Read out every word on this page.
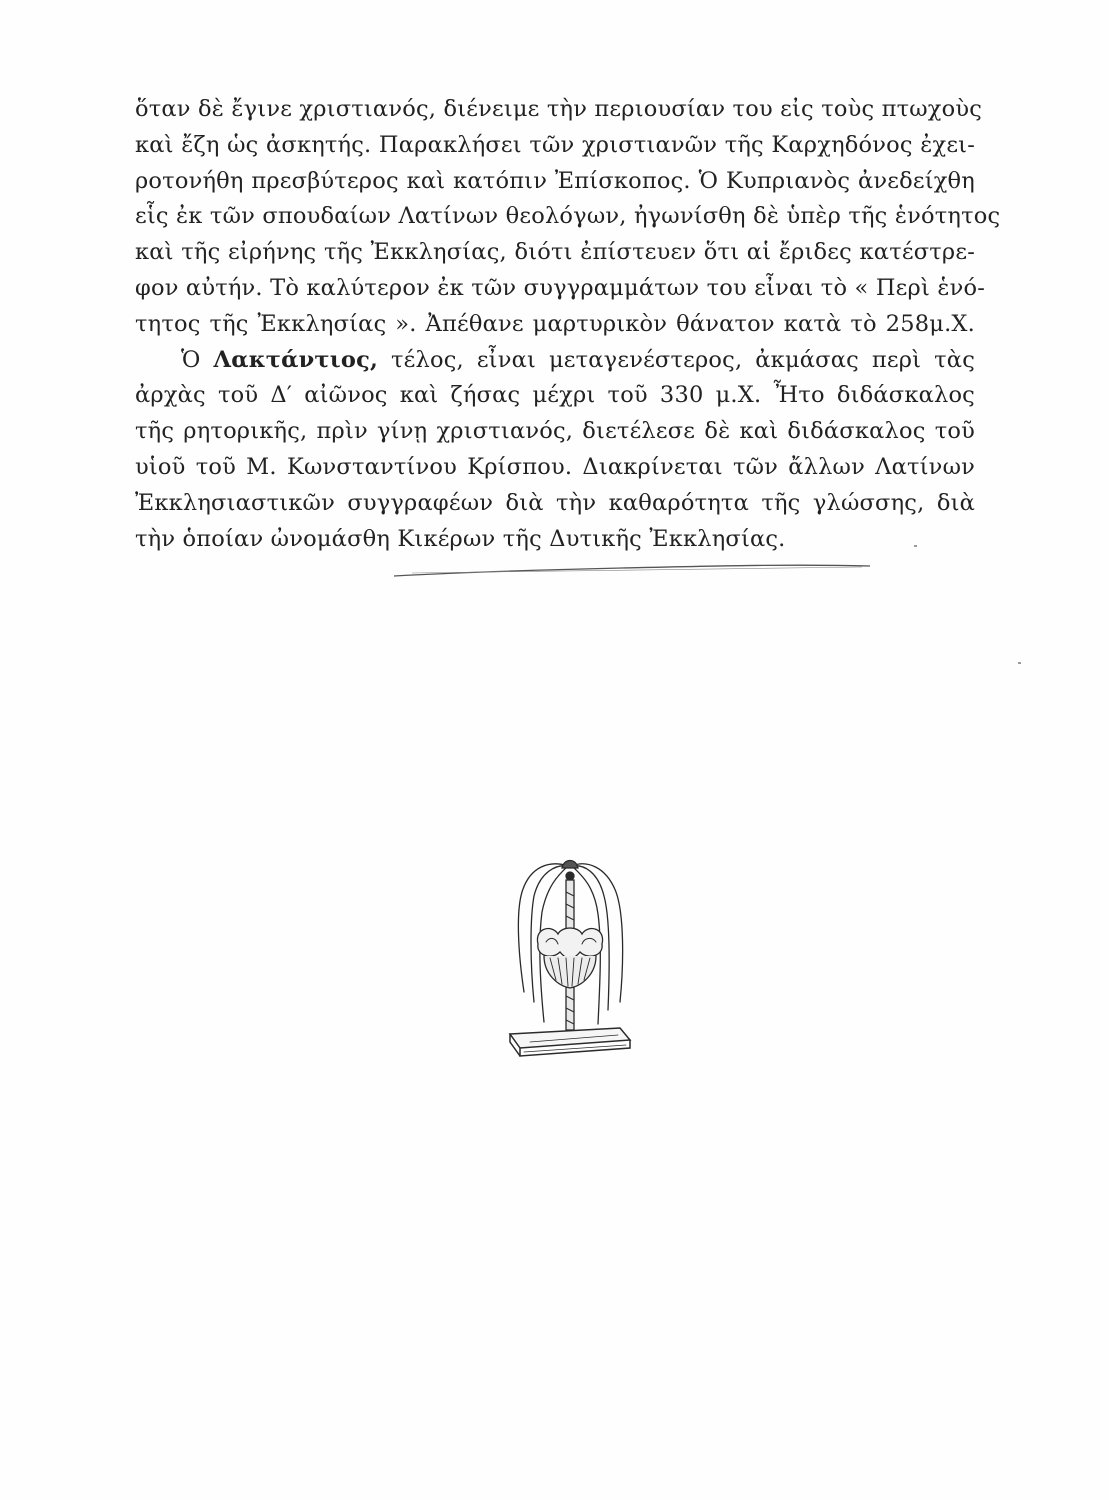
ὅταν δὲ ἔγινε χριστιανός, διένειμε τὴν περιουσίαν του εἰς τοὺς πτωχοὺς
καὶ ἔζη ὡς ἀσκητής. Παρακλήσει τῶν χριστιανῶν τῆς Καρχηδόνος ἐχει-
ροτονήθη πρεσβύτερος καὶ κατόπιν Ἐπίσκοπος. Ὁ Κυπριανὸς ἀνεδείχθη
εἷς ἐκ τῶν σπουδαίων Λατίνων θεολόγων, ἠγωνίσθη δὲ ὑπὲρ τῆς ἑνότητος
καὶ τῆς εἰρήνης τῆς Ἐκκλησίας, διότι ἐπίστευεν ὅτι αἱ ἔριδες κατέστρε-
φον αὐτήν. Τὸ καλύτερον ἐκ τῶν συγγραμμάτων του εἶναι τὸ « Περὶ ἑνό-
τητος τῆς Ἐκκλησίας ». Ἀπέθανε μαρτυρικὸν θάνατον κατὰ τὸ 258μ.Χ.
Ὁ Λακτάντιος, τέλος, εἶναι μεταγενέστερος, ἀκμάσας περὶ τὰς
ἀρχὰς τοῦ Δ′ αἰῶνος καὶ ζήσας μέχρι τοῦ 330 μ.Χ. Ἦτο διδάσκαλος
τῆς ρητορικῆς, πρὶν γίνῃ χριστιανός, διετέλεσε δὲ καὶ διδάσκαλος τοῦ
υἱοῦ τοῦ Μ. Κωνσταντίνου Κρίσπου. Διακρίνεται τῶν ἄλλων Λατίνων
Ἐκκλησιαστικῶν συγγραφέων διὰ τὴν καθαρότητα τῆς γλώσσης, διὰ
τὴν ὁποίαν ὠνομάσθη Κικέρων τῆς Δυτικῆς Ἐκκλησίας.
